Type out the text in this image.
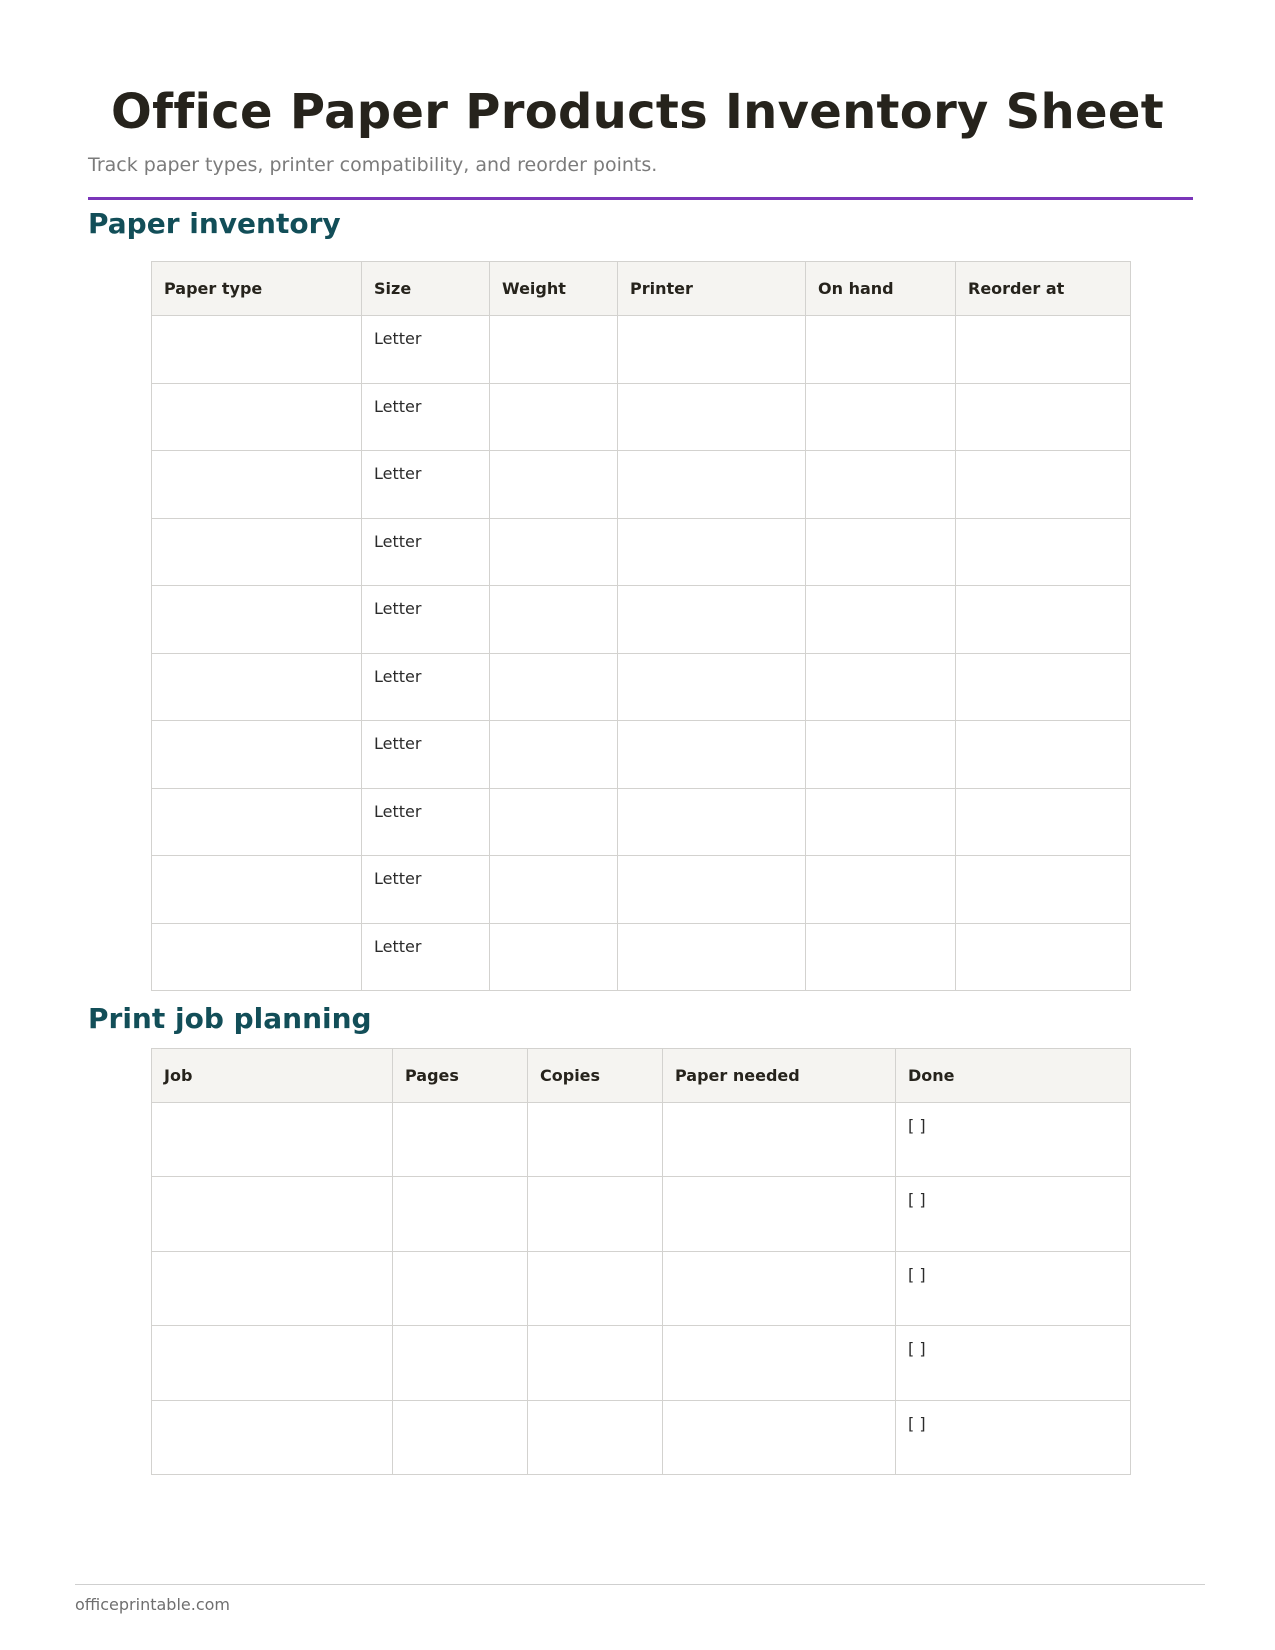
Office Paper Products Inventory Sheet

Track paper types, printer compatibility, and reorder points.

Paper inventory
Paper type	Size	Weight	Printer	On hand	Reorder at
	Letter				
	Letter				
	Letter				
	Letter				
	Letter				
	Letter				
	Letter				
	Letter				
	Letter				
	Letter				
Print job planning
Job	Pages	Copies	Paper needed	Done
				[ ]
				[ ]
				[ ]
				[ ]
				[ ]

officeprintable.com
